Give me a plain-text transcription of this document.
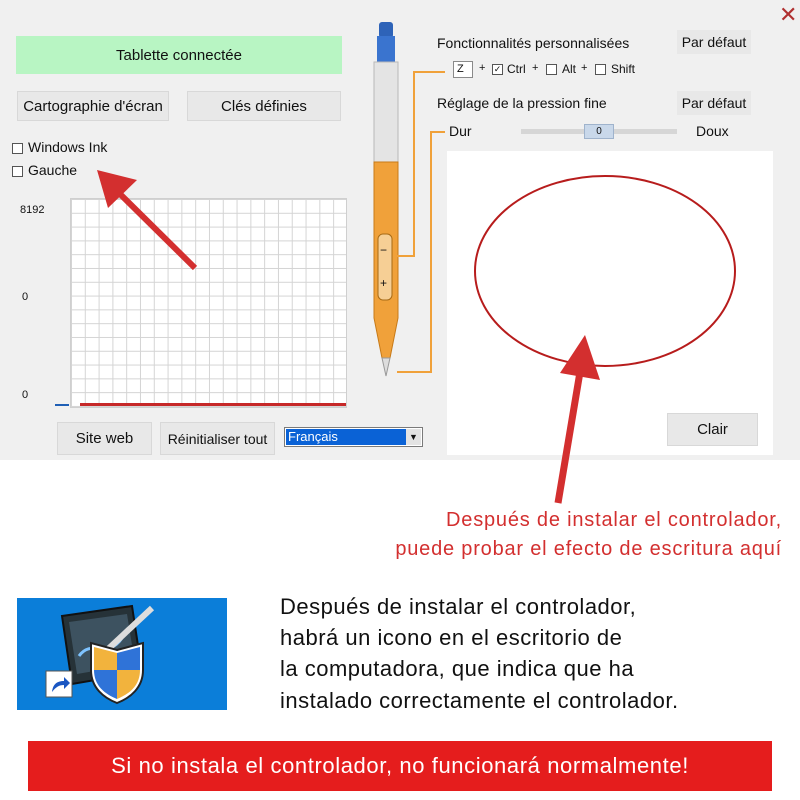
✕
Tablette connectée
Cartographie d'écran	Clés définies
Windows Ink
Gauche
8192
0
0
Site web	Réinitialiser tout	Français	▼
−
+
Fonctionnalités personnalisées	Par défaut
Z	+ ✓ Ctrl + Alt + Shift
Réglage de la pression fine	Par défaut
Dur	0	Doux
Clair
Después de instalar el controlador,
puede probar el efecto de escritura aquí
Después de instalar el controlador,
habrá un icono en el escritorio de
la computadora, que indica que ha
instalado correctamente el controlador.
Si no instala el controlador, no funcionará normalmente!
